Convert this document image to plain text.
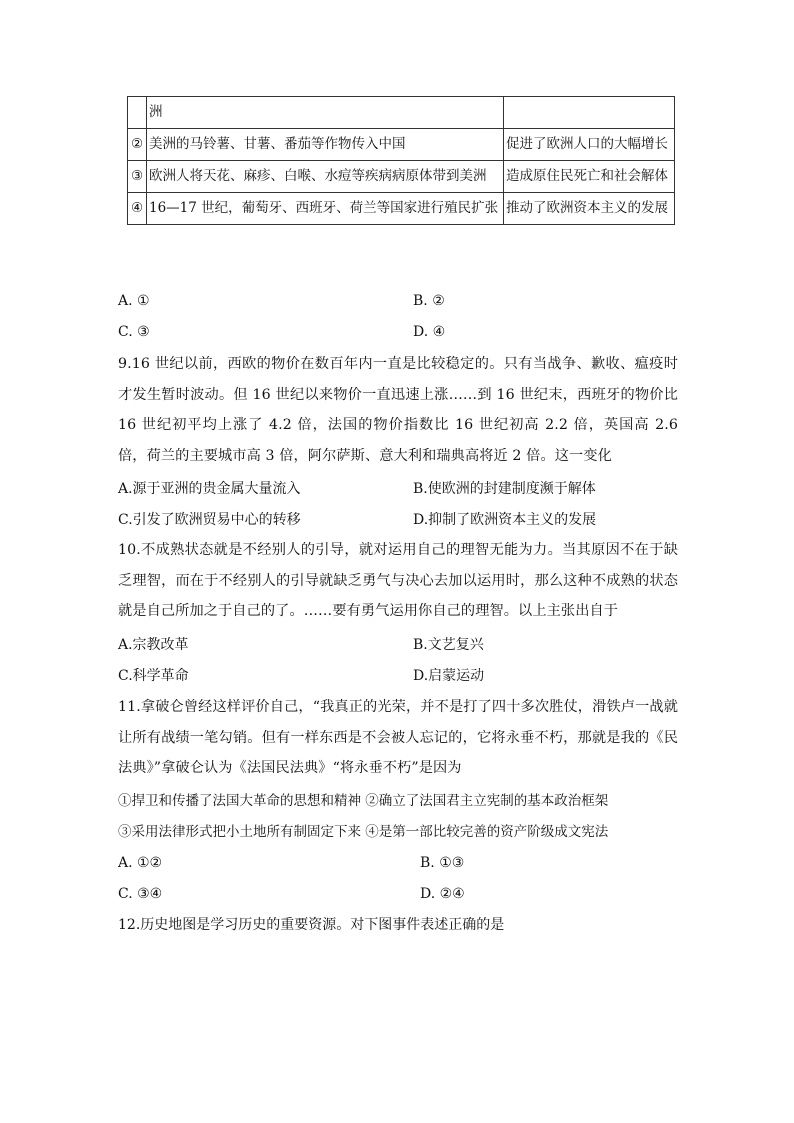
	洲	
②	美洲的马铃薯、甘薯、番茄等作物传入中国	促进了欧洲人口的大幅增长
③	欧洲人将天花、麻疹、白喉、水痘等疾病病原体带到美洲	造成原住民死亡和社会解体
④	16—17 世纪，葡萄牙、西班牙、荷兰等国家进行殖民扩张	推动了欧洲资本主义的发展
A. ①	B. ②
C. ③	D. ④
9.16 世纪以前，西欧的物价在数百年内一直是比较稳定的。只有当战争、歉收、瘟疫时才发生暂时波动。但 16 世纪以来物价一直迅速上涨……到 16 世纪末，西班牙的物价比 16 世纪初平均上涨了 4.2 倍，法国的物价指数比 16 世纪初高 2.2 倍，英国高 2.6 倍，荷兰的主要城市高 3 倍，阿尔萨斯、意大利和瑞典高将近 2 倍。这一变化
A.源于亚洲的贵金属大量流入	B.使欧洲的封建制度濒于解体
C.引发了欧洲贸易中心的转移	D.抑制了欧洲资本主义的发展
10.不成熟状态就是不经别人的引导，就对运用自己的理智无能为力。当其原因不在于缺乏理智，而在于不经别人的引导就缺乏勇气与决心去加以运用时，那么这种不成熟的状态就是自己所加之于自己的了。……要有勇气运用你自己的理智。以上主张出自于
A.宗教改革	B.文艺复兴
C.科学革命	D.启蒙运动
11.拿破仑曾经这样评价自己，“我真正的光荣，并不是打了四十多次胜仗，滑铁卢一战就让所有战绩一笔勾销。但有一样东西是不会被人忘记的，它将永垂不朽，那就是我的《民法典》”拿破仑认为《法国民法典》“将永垂不朽”是因为
①捍卫和传播了法国大革命的思想和精神 ②确立了法国君主立宪制的基本政治框架
③采用法律形式把小土地所有制固定下来 ④是第一部比较完善的资产阶级成文宪法
A. ①②	B. ①③
C. ③④	D. ②④
12.历史地图是学习历史的重要资源。对下图事件表述正确的是
